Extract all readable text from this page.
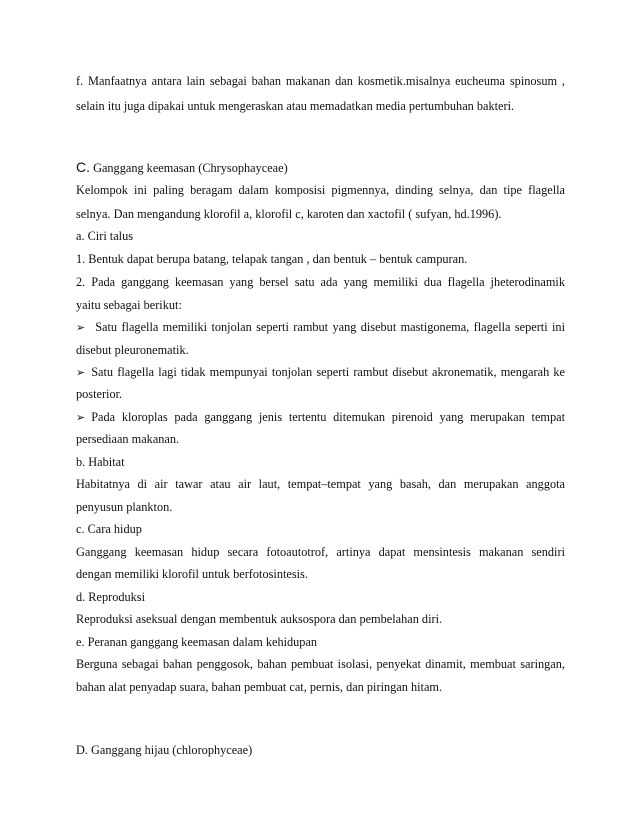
f. Manfaatnya antara lain sebagai bahan makanan dan kosmetik.misalnya eucheuma spinosum ,
selain itu juga dipakai untuk mengeraskan atau memadatkan media pertumbuhan bakteri.
C. Ganggang keemasan (Chrysophayceae)
Kelompok ini paling beragam dalam komposisi pigmennya, dinding selnya, dan tipe flagella
selnya. Dan mengandung klorofil a, klorofil c, karoten dan xactofil ( sufyan, hd.1996).
a. Ciri talus
1. Bentuk dapat berupa batang, telapak tangan , dan bentuk – bentuk campuran.
2. Pada ganggang keemasan yang bersel satu ada yang memiliki dua flagella jheterodinamik
yaitu sebagai berikut:
➢ Satu flagella memiliki tonjolan seperti rambut yang disebut mastigonema, flagella seperti ini
disebut pleuronematik.
➢ Satu flagella lagi tidak mempunyai tonjolan seperti rambut disebut akronematik, mengarah ke
posterior.
➢ Pada kloroplas pada ganggang jenis tertentu ditemukan pirenoid yang merupakan tempat
persediaan makanan.
b. Habitat
Habitatnya di air tawar atau air laut, tempat–tempat yang basah, dan merupakan anggota
penyusun plankton.
c. Cara hidup
Ganggang keemasan hidup secara fotoautotrof, artinya dapat mensintesis makanan sendiri
dengan memiliki klorofil untuk berfotosintesis.
d. Reproduksi
Reproduksi aseksual dengan membentuk auksospora dan pembelahan diri.
e. Peranan ganggang keemasan dalam kehidupan
Berguna sebagai bahan penggosok, bahan pembuat isolasi, penyekat dinamit, membuat saringan,
bahan alat penyadap suara, bahan pembuat cat, pernis, dan piringan hitam.
D. Ganggang hijau (chlorophyceae)
